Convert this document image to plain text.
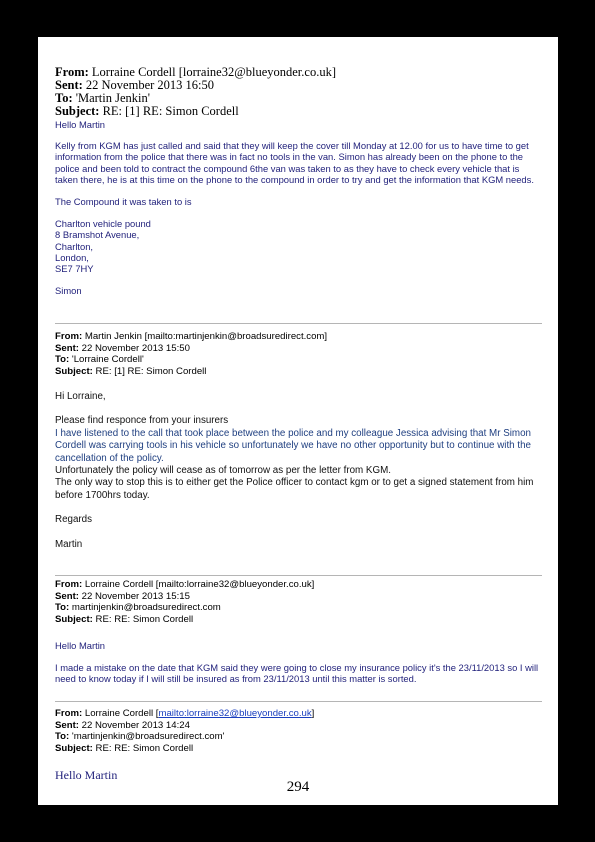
From: Lorraine Cordell [lorraine32@blueyonder.co.uk]
Sent: 22 November 2013 16:50
To: 'Martin Jenkin'
Subject: RE: [1] RE: Simon Cordell

Hello Martin

Kelly from KGM has just called and said that they will keep the cover till Monday at 12.00 for us to have time to get information from the police that there was in fact no tools in the van. Simon has already been on the phone to the police and been told to contract the compound 6the van was taken to as they have to check every vehicle that is taken there, he is at this time on the phone to the compound in order to try and get the information that KGM needs.

The Compound it was taken to is

Charlton vehicle pound
8 Bramshot Avenue,
Charlton,
London,
SE7 7HY

Simon

From: Martin Jenkin [mailto:martinjenkin@broadsuredirect.com]
Sent: 22 November 2013 15:50
To: 'Lorraine Cordell'
Subject: RE: [1] RE: Simon Cordell

Hi Lorraine,

Please find responce from your insurers

I have listened to the call that took place between the police and my colleague Jessica advising that Mr Simon Cordell was carrying tools in his vehicle so unfortunately we have no other opportunity but to continue with the cancellation of the policy.

Unfortunately the policy will cease as of tomorrow as per the letter from KGM.

The only way to stop this is to either get the Police officer to contact kgm or to get a signed statement from him before 1700hrs today.

Regards

Martin

From: Lorraine Cordell [mailto:lorraine32@blueyonder.co.uk]
Sent: 22 November 2013 15:15
To: martinjenkin@broadsuredirect.com
Subject: RE: RE: Simon Cordell

Hello Martin

I made a mistake on the date that KGM said they were going to close my insurance policy it's the 23/11/2013 so I will need to know today if I will still be insured as from 23/11/2013 until this matter is sorted.

From: Lorraine Cordell [mailto:lorraine32@blueyonder.co.uk]
Sent: 22 November 2013 14:24
To: 'martinjenkin@broadsuredirect.com'
Subject: RE: RE: Simon Cordell
Hello Martin
294
